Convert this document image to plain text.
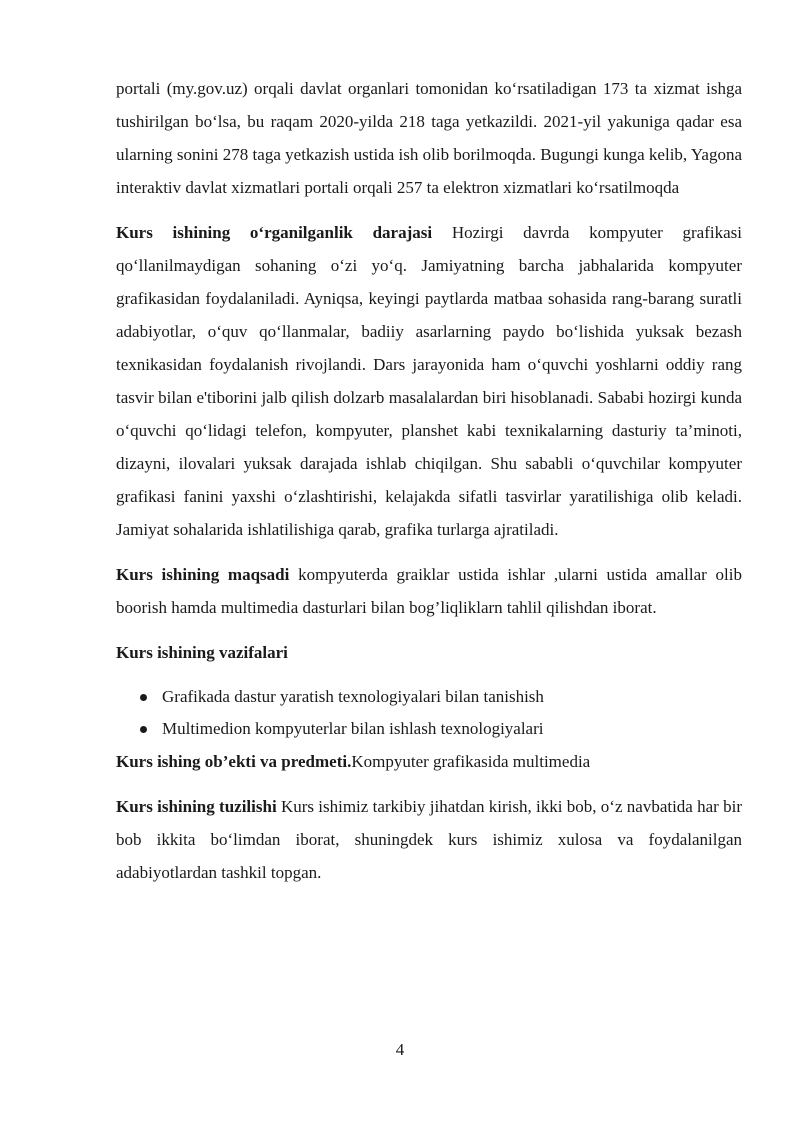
portali (my.gov.uz) orqali davlat organlari tomonidan koʻrsatiladigan 173 ta xizmat ishga tushirilgan boʻlsa, bu raqam 2020-yilda 218 taga yetkazildi. 2021-yil yakuniga qadar esa ularning sonini 278 taga yetkazish ustida ish olib borilmoqda. Bugungi kunga kelib, Yagona interaktiv davlat xizmatlari portali orqali 257 ta elektron xizmatlari koʻrsatilmoqda

Kurs ishining oʻrganilganlik darajasi Hozirgi davrda kompyuter grafikasi qoʻllanilmaydigan sohaning oʻzi yoʻq. Jamiyatning barcha jabhalarida kompyuter grafikasidan foydalaniladi. Ayniqsa, keyingi paytlarda matbaa sohasida rang-barang suratli adabiyotlar, oʻquv qoʻllanmalar, badiiy asarlarning paydo boʻlishida yuksak bezash texnikasidan foydalanish rivojlandi. Dars jarayonida ham oʻquvchi yoshlarni oddiy rang tasvir bilan e'tiborini jalb qilish dolzarb masalalardan biri hisoblanadi. Sababi hozirgi kunda oʻquvchi qoʻlidagi telefon, kompyuter, planshet kabi texnikalarning dasturiy ta’minoti, dizayni, ilovalari yuksak darajada ishlab chiqilgan. Shu sababli oʻquvchilar kompyuter grafikasi fanini yaxshi oʻzlashtirishi, kelajakda sifatli tasvirlar yaratilishiga olib keladi. Jamiyat sohalarida ishlatilishiga qarab, grafika turlarga ajratiladi.

Kurs ishining maqsadi kompyuterda graiklar ustida ishlar ,ularni ustida amallar olib boorish hamda multimedia dasturlari bilan bog’liqliklarn tahlil qilishdan iborat.

Kurs ishining vazifalari

Grafikada dastur yaratish texnologiyalari bilan tanishish
Multimedion kompyuterlar bilan ishlash texnologiyalari

Kurs ishing ob’ekti va predmeti.Kompyuter grafikasida multimedia

Kurs ishining tuzilishi Kurs ishimiz tarkibiy jihatdan kirish, ikki bob, oʻz navbatida har bir bob ikkita boʻlimdan iborat, shuningdek kurs ishimiz xulosa va foydalanilgan adabiyotlardan tashkil topgan.

4
